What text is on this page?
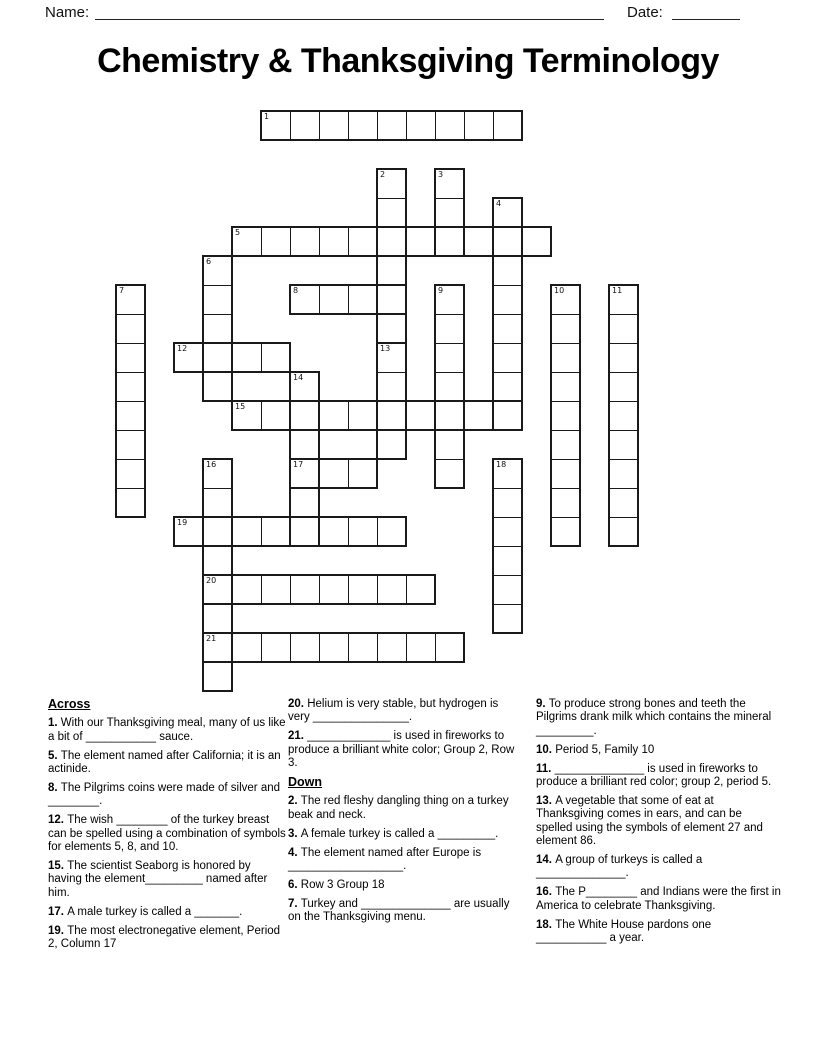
Name:	Date:
Chemistry & Thanksgiving Terminology
1
5
8
12
15
17
19
20
21
2	3
4
6
7	9	10	11
13
14
16	18

Across

1. With our Thanksgiving meal, many of us like a bit of ___________ sauce.

5. The element named after California; it is an actinide.

8. The Pilgrims coins were made of silver and ________.

12. The wish ________ of the turkey breast can be spelled using a combination of symbols for elements 5, 8, and 10.

15. The scientist Seaborg is honored by having the element_________ named after him.

17. A male turkey is called a _______.

19. The most electronegative element, Period 2, Column 17

20. Helium is very stable, but hydrogen is very _______________.

21. _____________ is used in fireworks to produce a brilliant white color; Group 2, Row 3.

Down

2. The red fleshy dangling thing on a turkey beak and neck.

3. A female turkey is called a _________.

4. The element named after Europe is __________________.

6. Row 3 Group 18

7. Turkey and ______________ are usually on the Thanksgiving menu.

9. To produce strong bones and teeth the Pilgrims drank milk which contains the mineral _________.

10. Period 5, Family 10

11. ______________ is used in fireworks to produce a brilliant red color; group 2, period 5.

13. A vegetable that some of eat at Thanksgiving comes in ears, and can be spelled using the symbols of element 27 and element 86.

14. A group of turkeys is called a ______________.

16. The P________ and Indians were the first in America to celebrate Thanksgiving.

18. The White House pardons one ___________ a year.
